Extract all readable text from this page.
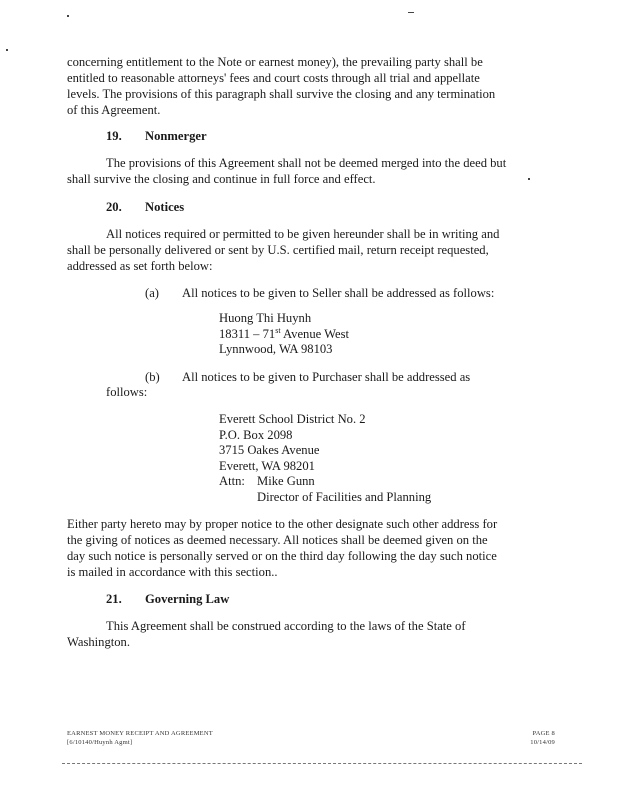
concerning entitlement to the Note or earnest money), the prevailing party shall be

entitled to reasonable attorneys' fees and court costs through all trial and appellate

levels. The provisions of this paragraph shall survive the closing and any termination

of this Agreement.

19. Nonmerger

The provisions of this Agreement shall not be deemed merged into the deed but

shall survive the closing and continue in full force and effect.

20. Notices

All notices required or permitted to be given hereunder shall be in writing and

shall be personally delivered or sent by U.S. certified mail, return receipt requested,

addressed as set forth below:

(a) All notices to be given to Seller shall be addressed as follows:

Huong Thi Huynh
18311 – 71st Avenue West
Lynnwood, WA 98103

(b) All notices to be given to Purchaser shall be addressed as

follows:

Everett School District No. 2
P.O. Box 2098
3715 Oakes Avenue
Everett, WA 98201
Attn: Mike Gunn
Director of Facilities and Planning

Either party hereto may by proper notice to the other designate such other address for

the giving of notices as deemed necessary. All notices shall be deemed given on the

day such notice is personally served or on the third day following the day such notice

is mailed in accordance with this section..

21. Governing Law

This Agreement shall be construed according to the laws of the State of

Washington.

EARNEST MONEY RECEIPT AND AGREEMENT
[6/10140/Huynh Agmt]
PAGE 8
10/14/09
